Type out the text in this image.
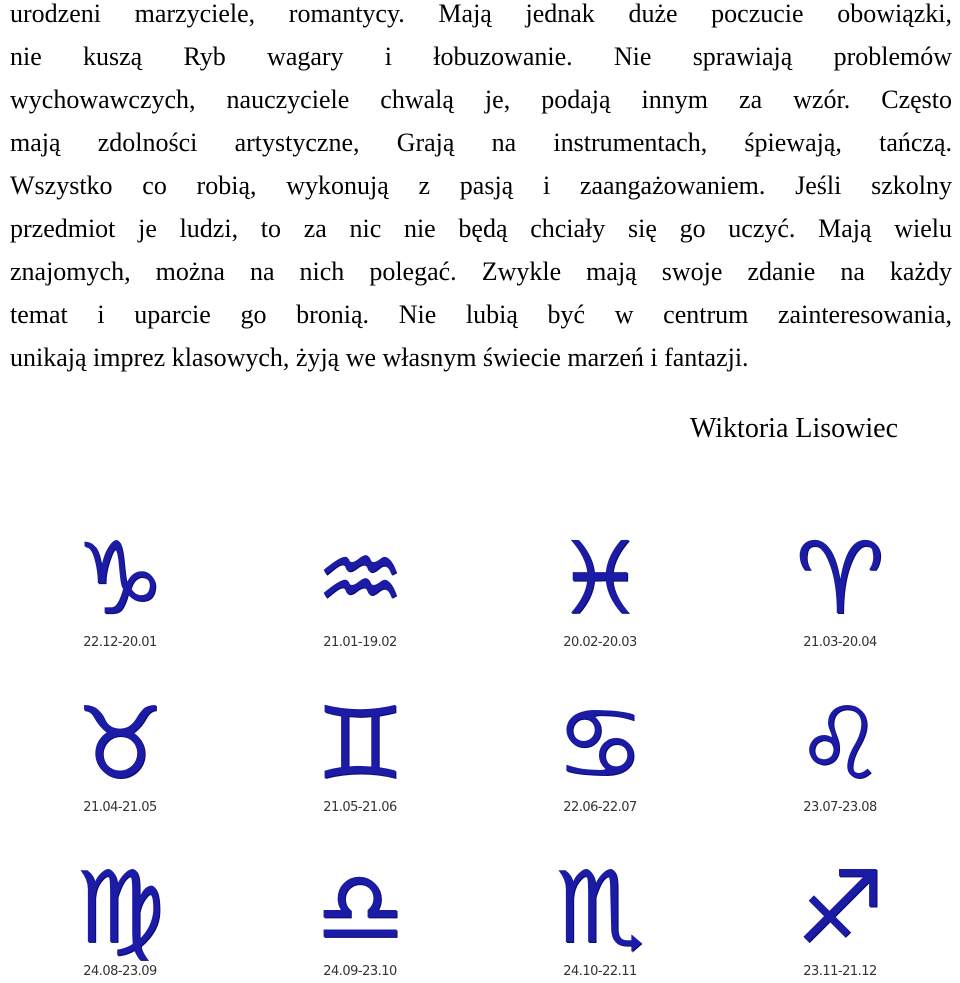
urodzeni marzyciele, romantycy. Mają jednak duże poczucie obowiązki,
nie kuszą Ryb wagary i łobuzowanie. Nie sprawiają problemów
wychowawczych, nauczyciele chwalą je, podają innym za wzór. Często
mają zdolności artystyczne, Grają na instrumentach, śpiewają, tańczą.
Wszystko co robią, wykonują z pasją i zaangażowaniem. Jeśli szkolny
przedmiot je ludzi, to za nic nie będą chciały się go uczyć. Mają wielu
znajomych, można na nich polegać. Zwykle mają swoje zdanie na każdy
temat i uparcie go bronią. Nie lubią być w centrum zainteresowania,
unikają imprez klasowych, żyją we własnym świecie marzeń i fantazji.
Wiktoria Lisowiec
♑
22.12-20.01
♒
21.01-19.02
♓
20.02-20.03
♈
21.03-20.04
♉
21.04-21.05
♊
21.05-21.06
♋
22.06-22.07
♌
23.07-23.08
♍
24.08-23.09
♎
24.09-23.10
♏
24.10-22.11
♐
23.11-21.12
